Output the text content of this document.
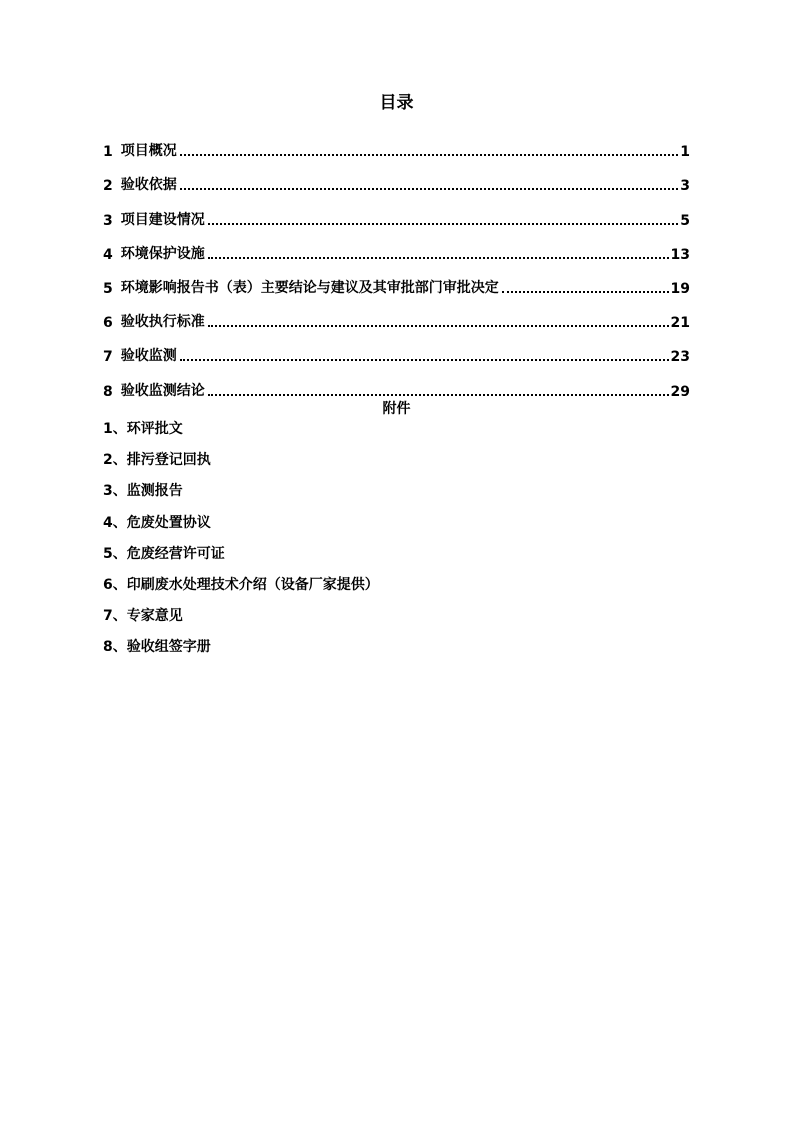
目录
1 项目概况	1
2 验收依据	3
3 项目建设情况	5
4 环境保护设施	13
5 环境影响报告书（表）主要结论与建议及其审批部门审批决定	19
6 验收执行标准	21
7 验收监测	23
8 验收监测结论	29
附件
1、环评批文
2、排污登记回执
3、监测报告
4、危废处置协议
5、危废经营许可证
6、印刷废水处理技术介绍（设备厂家提供）
7、专家意见
8、验收组签字册
